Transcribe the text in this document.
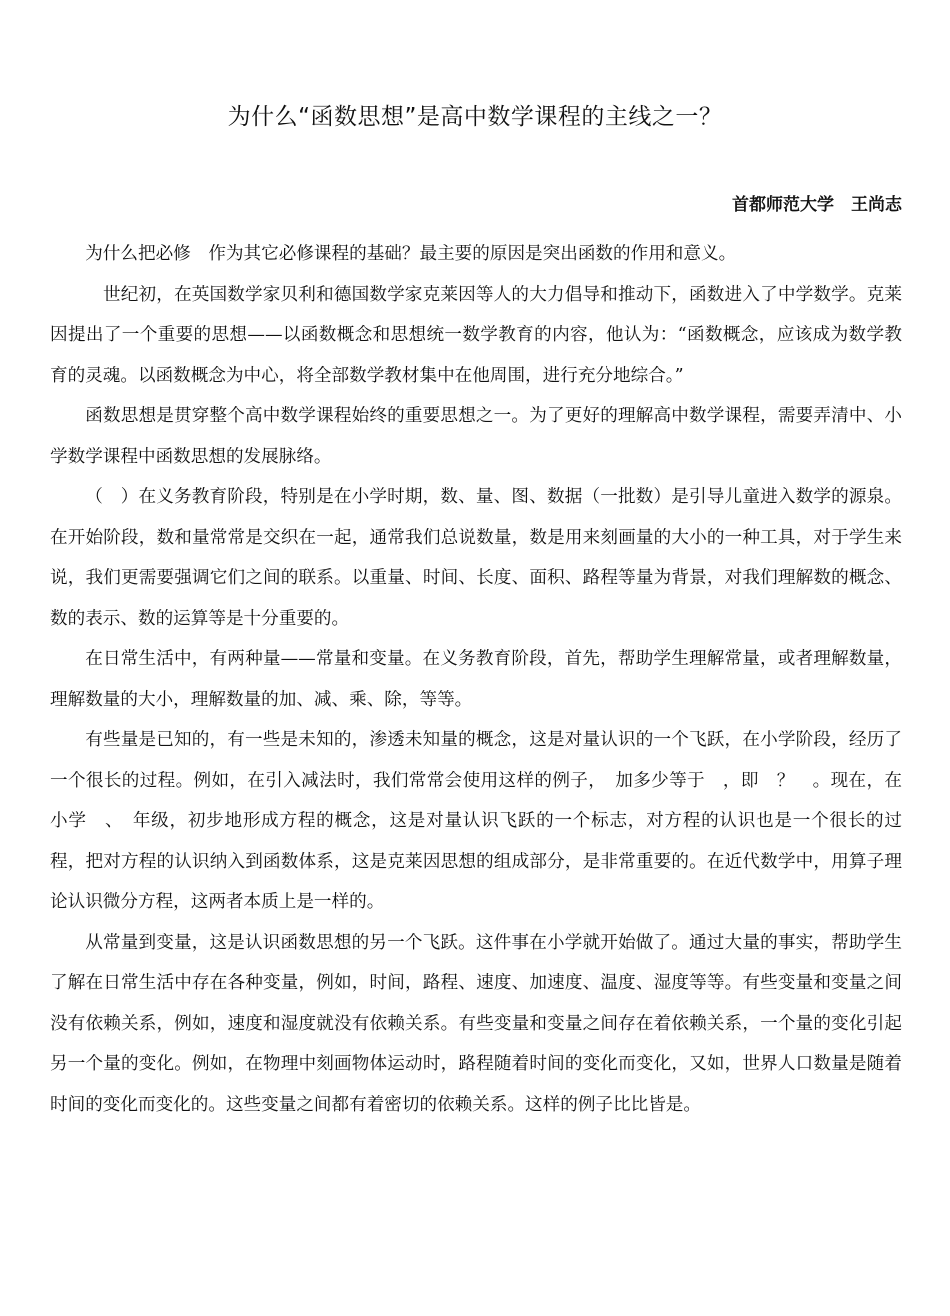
为什么“函数思想”是高中数学课程的主线之一？
首都师范大学　王尚志

为什么把必修　作为其它必修课程的基础？最主要的原因是突出函数的作用和意义。

　世纪初，在英国数学家贝利和德国数学家克莱因等人的大力倡导和推动下，函数进入了中学数学。克莱因提出了一个重要的思想——以函数概念和思想统一数学教育的内容，他认为：“函数概念，应该成为数学教育的灵魂。以函数概念为中心，将全部数学教材集中在他周围，进行充分地综合。”

函数思想是贯穿整个高中数学课程始终的重要思想之一。为了更好的理解高中数学课程，需要弄清中、小学数学课程中函数思想的发展脉络。

（　）在义务教育阶段，特别是在小学时期，数、量、图、数据（一批数）是引导儿童进入数学的源泉。在开始阶段，数和量常常是交织在一起，通常我们总说数量，数是用来刻画量的大小的一种工具，对于学生来说，我们更需要强调它们之间的联系。以重量、时间、长度、面积、路程等量为背景，对我们理解数的概念、数的表示、数的运算等是十分重要的。

在日常生活中，有两种量——常量和变量。在义务教育阶段，首先，帮助学生理解常量，或者理解数量，理解数量的大小，理解数量的加、减、乘、除，等等。

有些量是已知的，有一些是未知的，渗透未知量的概念，这是对量认识的一个飞跃，在小学阶段，经历了一个很长的过程。例如，在引入减法时，我们常常会使用这样的例子，　加多少等于　，即　？　。现在，在小学　、　年级，初步地形成方程的概念，这是对量认识飞跃的一个标志，对方程的认识也是一个很长的过程，把对方程的认识纳入到函数体系，这是克莱因思想的组成部分，是非常重要的。在近代数学中，用算子理论认识微分方程，这两者本质上是一样的。

从常量到变量，这是认识函数思想的另一个飞跃。这件事在小学就开始做了。通过大量的事实，帮助学生了解在日常生活中存在各种变量，例如，时间，路程、速度、加速度、温度、湿度等等。有些变量和变量之间没有依赖关系，例如，速度和湿度就没有依赖关系。有些变量和变量之间存在着依赖关系，一个量的变化引起另一个量的变化。例如，在物理中刻画物体运动时，路程随着时间的变化而变化，又如，世界人口数量是随着时间的变化而变化的。这些变量之间都有着密切的依赖关系。这样的例子比比皆是。
